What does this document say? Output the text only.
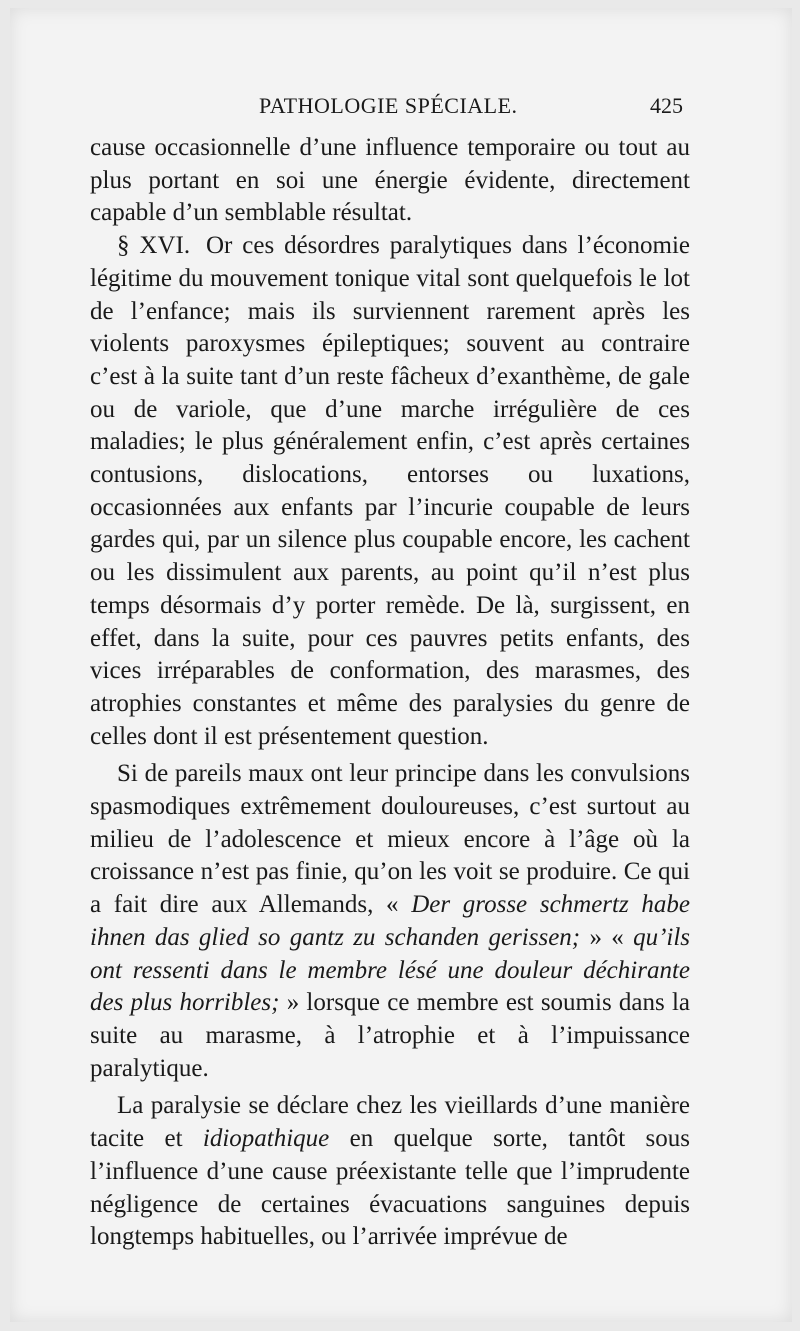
PATHOLOGIE SPÉCIALE.	425

cause occasionnelle d’une influence temporaire ou tout au plus portant en soi une énergie évidente, directement capable d’un semblable résultat.

§ XVI. Or ces désordres paralytiques dans l’économie légitime du mouvement tonique vital sont quelquefois le lot de l’enfance; mais ils surviennent rarement après les violents paroxysmes épileptiques; souvent au contraire c’est à la suite tant d’un reste fâcheux d’exanthème, de gale ou de variole, que d’une marche irrégulière de ces maladies; le plus généralement enfin, c’est après certaines contusions, dislocations, entorses ou luxations, occasionnées aux enfants par l’incurie coupable de leurs gardes qui, par un silence plus coupable encore, les cachent ou les dissimulent aux parents, au point qu’il n’est plus temps désormais d’y porter remède. De là, surgissent, en effet, dans la suite, pour ces pauvres petits enfants, des vices irréparables de conformation, des marasmes, des atrophies constantes et même des paralysies du genre de celles dont il est présentement question.

Si de pareils maux ont leur principe dans les convulsions spasmodiques extrêmement douloureuses, c’est surtout au milieu de l’adolescence et mieux encore à l’âge où la croissance n’est pas finie, qu’on les voit se produire. Ce qui a fait dire aux Allemands, « Der grosse schmertz habe ihnen das glied so gantz zu schanden gerissen; » « qu’ils ont ressenti dans le membre lésé une douleur déchirante des plus horribles; » lorsque ce membre est soumis dans la suite au marasme, à l’atrophie et à l’impuissance paralytique.

La paralysie se déclare chez les vieillards d’une manière tacite et idiopathique en quelque sorte, tantôt sous l’influence d’une cause préexistante telle que l’imprudente négligence de certaines évacuations sanguines depuis longtemps habituelles, ou l’arrivée imprévue de
